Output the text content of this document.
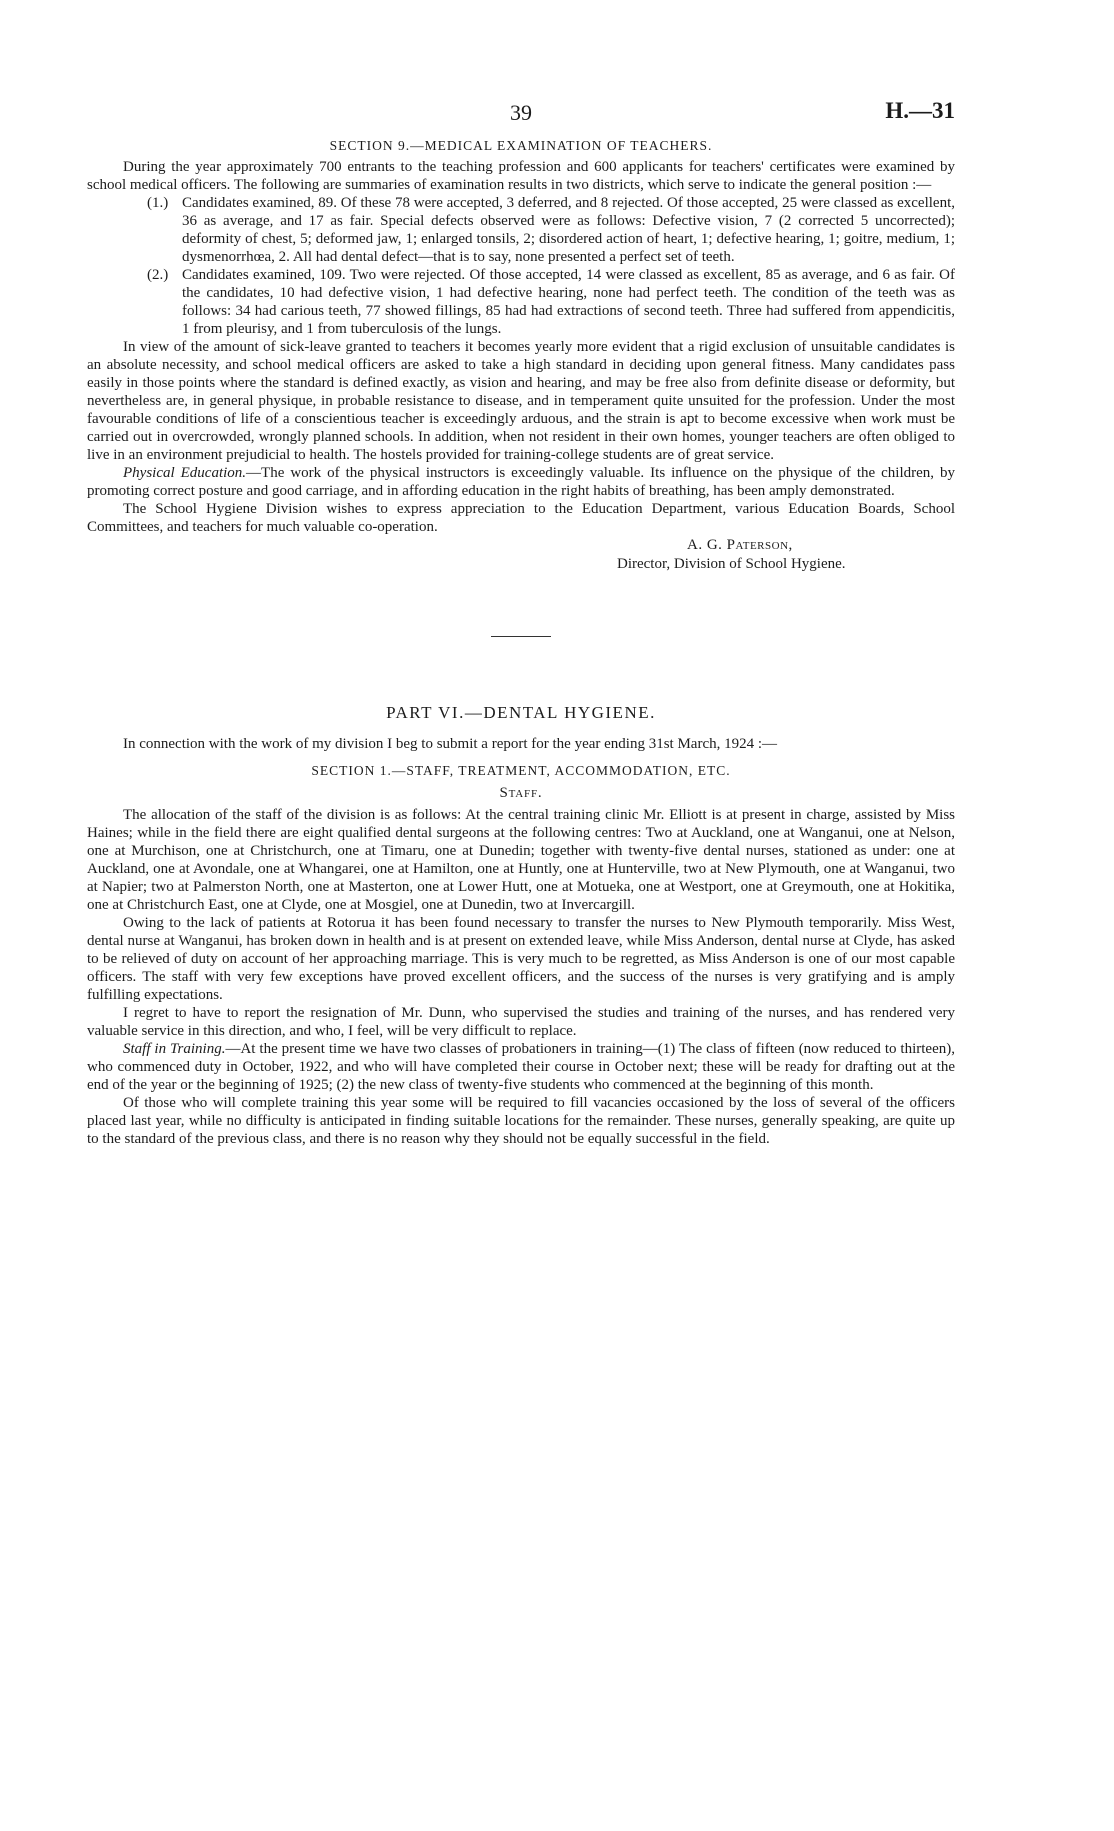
39	H.—31
SECTION 9.—MEDICAL EXAMINATION OF TEACHERS.

During the year approximately 700 entrants to the teaching profession and 600 applicants for teachers' certificates were examined by school medical officers. The following are summaries of examination results in two districts, which serve to indicate the general position :—

(1.) Candidates examined, 89. Of these 78 were accepted, 3 deferred, and 8 rejected. Of those accepted, 25 were classed as excellent, 36 as average, and 17 as fair. Special defects observed were as follows: Defective vision, 7 (2 corrected 5 uncorrected); deformity of chest, 5; deformed jaw, 1; enlarged tonsils, 2; disordered action of heart, 1; defective hearing, 1; goitre, medium, 1; dysmenorrhœa, 2. All had dental defect—that is to say, none presented a perfect set of teeth.
(2.) Candidates examined, 109. Two were rejected. Of those accepted, 14 were classed as excellent, 85 as average, and 6 as fair. Of the candidates, 10 had defective vision, 1 had defective hearing, none had perfect teeth. The condition of the teeth was as follows: 34 had carious teeth, 77 showed fillings, 85 had had extractions of second teeth. Three had suffered from appendicitis, 1 from pleurisy, and 1 from tuberculosis of the lungs.

In view of the amount of sick-leave granted to teachers it becomes yearly more evident that a rigid exclusion of unsuitable candidates is an absolute necessity, and school medical officers are asked to take a high standard in deciding upon general fitness. Many candidates pass easily in those points where the standard is defined exactly, as vision and hearing, and may be free also from definite disease or deformity, but nevertheless are, in general physique, in probable resistance to disease, and in temperament quite unsuited for the profession. Under the most favourable conditions of life of a conscientious teacher is exceedingly arduous, and the strain is apt to become excessive when work must be carried out in overcrowded, wrongly planned schools. In addition, when not resident in their own homes, younger teachers are often obliged to live in an environment prejudicial to health. The hostels provided for training-college students are of great service.

Physical Education.—The work of the physical instructors is exceedingly valuable. Its influence on the physique of the children, by promoting correct posture and good carriage, and in affording education in the right habits of breathing, has been amply demonstrated.

The School Hygiene Division wishes to express appreciation to the Education Department, various Education Boards, School Committees, and teachers for much valuable co-operation.

A. G. Paterson,
Director, Division of School Hygiene.
PART VI.—DENTAL HYGIENE.

In connection with the work of my division I beg to submit a report for the year ending 31st March, 1924 :—

SECTION 1.—STAFF, TREATMENT, ACCOMMODATION, ETC.
Staff.

The allocation of the staff of the division is as follows: At the central training clinic Mr. Elliott is at present in charge, assisted by Miss Haines; while in the field there are eight qualified dental surgeons at the following centres: Two at Auckland, one at Wanganui, one at Nelson, one at Murchison, one at Christchurch, one at Timaru, one at Dunedin; together with twenty-five dental nurses, stationed as under: one at Auckland, one at Avondale, one at Whangarei, one at Hamilton, one at Huntly, one at Hunterville, two at New Plymouth, one at Wanganui, two at Napier; two at Palmerston North, one at Masterton, one at Lower Hutt, one at Motueka, one at Westport, one at Greymouth, one at Hokitika, one at Christchurch East, one at Clyde, one at Mosgiel, one at Dunedin, two at Invercargill.

Owing to the lack of patients at Rotorua it has been found necessary to transfer the nurses to New Plymouth temporarily. Miss West, dental nurse at Wanganui, has broken down in health and is at present on extended leave, while Miss Anderson, dental nurse at Clyde, has asked to be relieved of duty on account of her approaching marriage. This is very much to be regretted, as Miss Anderson is one of our most capable officers. The staff with very few exceptions have proved excellent officers, and the success of the nurses is very gratifying and is amply fulfilling expectations.

I regret to have to report the resignation of Mr. Dunn, who supervised the studies and training of the nurses, and has rendered very valuable service in this direction, and who, I feel, will be very difficult to replace.

Staff in Training.—At the present time we have two classes of probationers in training—(1) The class of fifteen (now reduced to thirteen), who commenced duty in October, 1922, and who will have completed their course in October next; these will be ready for drafting out at the end of the year or the beginning of 1925; (2) the new class of twenty-five students who commenced at the beginning of this month.

Of those who will complete training this year some will be required to fill vacancies occasioned by the loss of several of the officers placed last year, while no difficulty is anticipated in finding suitable locations for the remainder. These nurses, generally speaking, are quite up to the standard of the previous class, and there is no reason why they should not be equally successful in the field.
